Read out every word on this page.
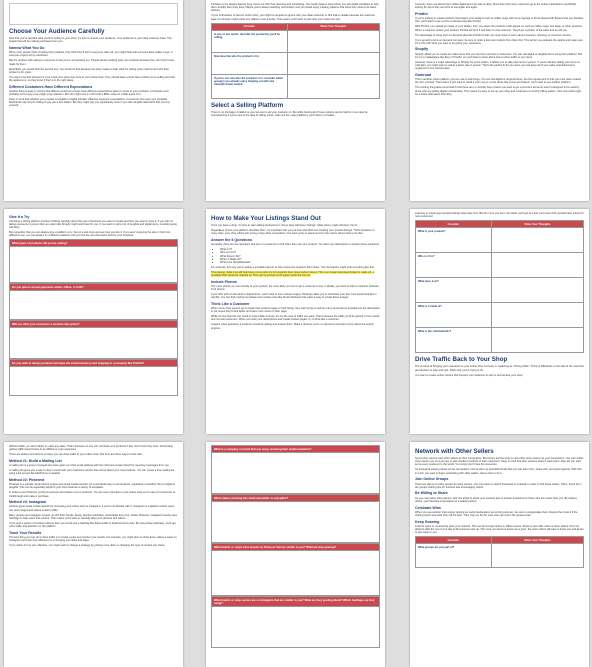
Choose Your Audience Carefully

Now that you've decided what you'll be selling in your shop, it's time to choose your audience. Your audience is your ideal customer base. The people that will be making purchases from you.

Narrow What You Do

When most people think of selling their products, they think they'll sell to everyone. After all, you might think that everyone likes coffee mugs, or everyone enjoys funny notebooks.

But the problem with selling to everyone is that you're not standing out. People will be scrolling past your products because they don't feel it was made for them.

Most likely, you would click the second one. You would do that because the shop makes it clear what it's selling (cute notions) and who their product is for (cats).

You want to be that obvious for your customers when they look at your online shop. They should have a clear idea of what you're selling and who the audience is, so they know if they're in the right place.

Different Customers Have Different Expectations

Another thing to keep in mind is that different customer groups have differing expectations when it comes to your products. A Christian mom probably won't enjoy your vulgar mug collection. But she might love a t-shirt with a Bible verse on a faith quote on it.

Keep in mind that whether your product is tangible or digital will also influence customer expectations. A customer who sees your printable flashcards may only be willing to pay you a few dollars. But they might pay you significantly more if you offer tangible flashcards that you buy yourself.

Perhaps you're always helping busy moms out with their planning and scheduling. You could create a shop where you sell digital printables to help them simplify their busy lives. Maybe you're always teaching new knitters and you would enjoy creating patterns that show them how to do basic stitches.

If your enthusiasm is start an online shop, you might be tempted to ignore who your ideal customer is. But that's mistake because the customer base you choose might prefer one platform over another. This means you'll want to plan who your customers are.

Consider	Share Your Thoughts
In one or two words, describe the product(s) you'll be selling.	
Now describe who the product is for.	
If you're not sure who the product is for, consider which group(s) you already enjoy hanging out with and naturally drawn toward.	
Select a Selling Platform

There is no shortage of platforms you can use to sell your products on. But while having all of these options can be helpful, it can also be overwhelming if you're new to the idea of selling online. Here are the major platforms you'll want to consider...

Currently, there are almost four million digital items for sale on Etsy. More than that many customers go to the online marketplace specifically looking for items they can print to use again and again.

Printful

If you're looking to create products that feature your designs such as coffee mugs with funny sayings or those placed with flowers that you doodled, then you'll want to use a print-on-demand site like Printful.

With Printful, you upload an image of your design, then you select the products it will appear on such as coffee mugs, tote bags, or other products. When a customer orders your product, Printful will print it and ship it to the customer. They'll get a portion of the sales and so will you.

The advantage of using print-on-demand sites like Printful is that you never have to worry about inventory, shipping, or customer service.

If you go with a print-on-demand company, be sure to order a few test products from them first. This will let you evaluate the quality and make sure it's in line with what you want to be giving your customers.

Shopify

Shopify allows you to create an online store that you can then promote to customers. You can sell digital or tangible items using their platform. But it's not a marketplace like Etsy or Printful, so you'll have to learn about how to drive traffic to your store.

However, there is a major advantage to Shopify for some sellers. It allows you to take payments in person. If you're already selling your items at craft fairs, you might want to sell at a faster rate in person. That's the perfect fit for you since you can keep all of your sales streamlined and organized in one central place.

Gumroad

This is another online platform you can use to sell things. You can sell digital or physical items, but the requirement is that you must have created the item yourself. That means if you want to resell a cool mug or a cute dress that you've purchased, you'll need to use another platform.

The exciting thing about Gumroad is that there are no monthly fees (unless you want to get a premium account) and it's designed to be used by those who are selling digital merchandise. This means it's easy to set up your shop and customers a monthly billing pattern, then Gumroad might be a better alternative than Etsy.

Give It a Try

Choosing a selling platform involves thinking carefully about the type of business you want to create and how you want to grow it. If you plan on taking payments in person then an option like Shopify might work best for you. If you want to sell a mix of tangible and digital items, consider going with Etsy.

But remember that you can always give a platform a try. Set up a test shop and see how you like it. If you aren't enjoying the site or find it too difficult to use, you can always try a different platform until you find the one that works best for your business.

What types of products will you be selling?
Do you plan to accept payments online, offline, or both?
Will you offer your customers a membership option?
Do you want to design products but leave the actual inventory and shipping to a company like Printful?
How to Make Your Listings Stand Out

Once you have a shop, it's time to start adding products to it. Some sites call these "listings" while others might call them "items".

Regardless of how your platform identifies them, it's important that you put time and effort into creating your product listings. That's because on many sites, your shop will be lost among many other competitors. You want yours to stand out from the crowd. Here's how to do that...

Answer the 5 Questions

Generally, there are five questions that are in a customer's mind when they see your product. You want your description to answer those questions:

• What is it?
• Who is it For?
• What Does It Do?
• When is Made Of?
• What's the Size/Materials?

For example, let's say you're selling a printable planner to help customers organize their closet. Your description might look something like this:

This planner (what it is) will help busy moms (who it's for) organize their closet (what it does). This is an instant download (what it's made of), a printable PDF (what the material is). This can be printed on A4 paper (what the size is).

Include Photos

The more photos you can include of your product, the more likely you are to get a customer to buy it. Ideally, you want to offer a customer between 5-10 photos.

If you offer print-on-demand or digital items, you'll need to use mockup images. Mockups allow you to showcase your item how would look like in real life. You can find mockup templates and mockup sites like Smart Mockups that make it easy to create these images.

Think Like a Customer

When some shop owners go to create their product pages or their listing, they start trying to stuff as many keywords as possible into the description in the hopes they'll rank better and have more views on their page.

While it's true that this can result in more traffic at times, it's not the type of traffic you want. That's because the traffic you'll be getting is from robots and not real customers. When you write your descriptions and create product pages, try to think like a customer.

Imagine when questions a customer would be asking and answer them. Make it obvious you're a real person and don't worry about the search engines.

Learning to create good product listings does take time. But the more you do it, the better you'll get at it and you'll soon find yourself have a flood of new customers!

Consider	Share Your Thoughts
What is your product?	
Who is it for?	
What does it do?	
What is it made of?	
What is the size/materials?	
Drive Traffic Back to Your Shop

The process of bringing your customers to your online shop is known in marketing as "driving traffic." Think of billboards on the side of the road that get travelers to stop and visit. That's why you're trying to do.

You want to create online content that inspires your audience to stop in and browse your shop.

Without traffic, you aren't likely to make any sales. That's because no one can purchase your products if they don't know they exist. Fortunately, getting traffic doesn't have to be difficult or even expensive.

There are dozens and dozens of ways you can drive traffic to your online shop. But here are three ways to start with...

Method #1: Build a Mailing List

A mailing list is a group of people who have given you their email address with the informed consent they'll be receiving messages from you.

A mailing list gives you a way to stay in touch with your customers and let them know about your new products. You can create a free mailing list using a list service like MailChimp or Aweber.

Method #2: Pinterest

Pinterest is a popular visual search engine and social media network. It's a wonderful way to sell products, regardless of whether they're digital or tangible. This can be especially helpful if your shop features a variety of templates.

In order to use Pinterest, you'll post pictures and videos of your products. You can even link back to your online shop so it's easy for customers to clickthrough and make a purchase.

Method #3: Instagram

Another great social media network for promoting your online shop is Instagram. If you're not familiar with it, Instagram is a platform where users can post images and videos to their profile.

Many people use Instagram to keep up with their friends, family, favorite celebrities, and brands they love. Unlike Pinterest, Instagram heavily uses hashtags to help users find content. That means you'll want to carefully label your pictures and videos.

If you post a picture of a dream planner then you would use a hashtag like #plannerlife or #plannercommunity. By using these hashtags, you'll get more traffic and attention on the platform.

Track Your Results

The best thing you can do to drive traffic is to create a plan and monitor your results. For example, you might plan to share three videos a week on Instagram and track how effective it is in bringing you clicks and sales.

If you notice it's not very effective, you might want to change a strategy by posting more often or changing the type of content you share.

What is a company or brand that you enjoy receiving their email newsletter?
What makes receiving this email newsletter so enjoyable?
What brands or shops have boards on Pinterest that are similar to you? What are they pinning?
What brands or shop owners are on Instagram that are similar to you? What are they posting about? Which hashtags are they using?
Network with Other Sellers

Some shop owners view other sellers as their competitors. But there's another way to view other shop owners as your competitors. Use your fellow shop owners are on a journey to sell excellent products to their customers. Keep in mind that their success doesn't steal yours. After all, you can't serve every customer in the world. You simply don't have the resources.

So instead of viewing others as the competition, look at them as potential friends that you can learn from, share with, and grow together. With that in mind, you want to begin networking with other sellers. Here's how to do it...

Join Online Groups

There are plenty of online groups for shop owners. You only have to search Facebook or LinkedIn in order to find these sellers. Often, they'll be in the groups sharing tips for success and encouraging others.

Be Willing to Share

As you meet other shop owners, don't be afraid to share your success tips or answer questions for those who are newer than you. By helping others, you'll develop a reputation as a helpful person.

Celebrate Wins

When you see another shop owner posting on social media about an exciting new win, be sure to congratulate them. Repost the content if the sharing option and wish them all the best. They may not be the ones who can return the gesture later.

Keep Growing

Look for ways to consistently grow your network. This can be through online or offline events. Show up and offer value to other sellers. Don't be afraid to take the out of your day to lift someone else up. The more you become known as a giver, the more others will want to know you and desire to give back to you.

Consider	Share Your Thoughts
What groups are you part of?	
